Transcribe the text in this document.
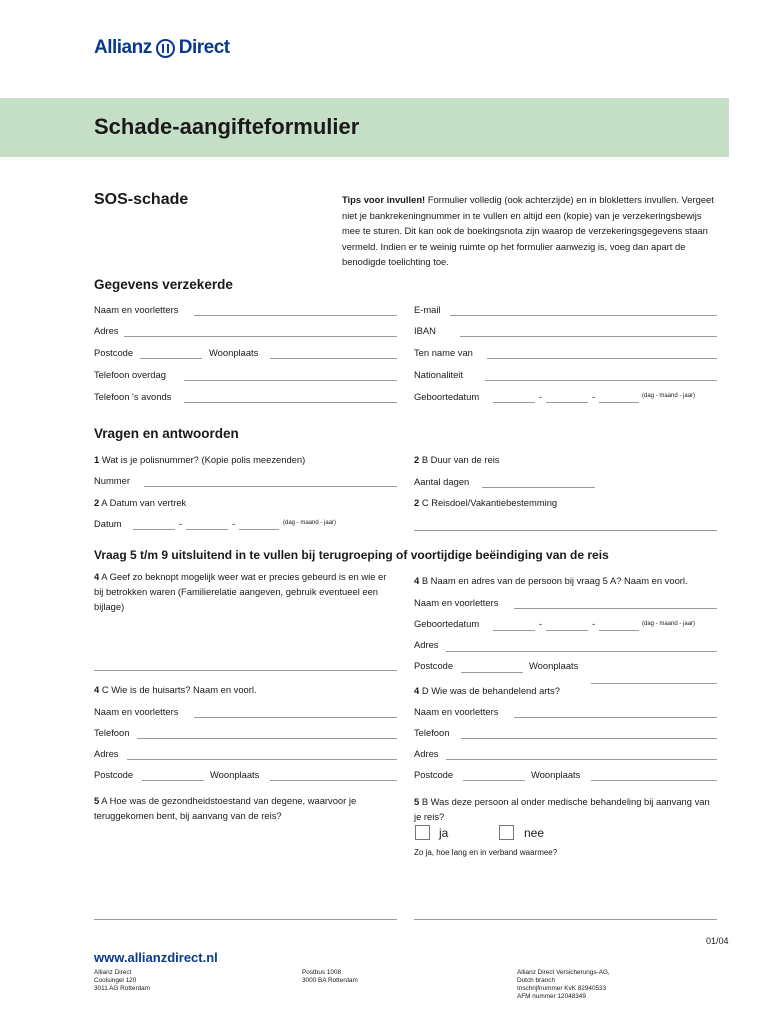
Allianz Direct
Schade-aangifteformulier
SOS-schade	Tips voor invullen! Formulier volledig (ook achterzijde) en in blokletters invullen. Vergeet niet je bankrekeningnummer in te vullen en altijd een (kopie) van je verzekeringsbewijs mee te sturen. Dit kan ook de boekingsnota zijn waarop de verzekeringsgegevens staan vermeld. Indien er te weinig ruimte op het formulier aanwezig is, voeg dan apart de benodigde toelichting toe.
Gegevens verzekerde
Naam en voorletters
Adres
Postcode	Woonplaats
Telefoon overdag
Telefoon 's avonds
E-mail
IBAN
Ten name van
Nationaliteit
Geboortedatum	-	-	(dag - maand - jaar)
Vragen en antwoorden
1 Wat is je polisnummer? (Kopie polis meezenden)
Nummer
2 A Datum van vertrek
Datum	-	-	(dag - maand - jaar)
2 B Duur van de reis
Aantal dagen
2 C Reisdoel/Vakantiebestemming
Vraag 5 t/m 9 uitsluitend in te vullen bij terugroeping of voortijdige beëindiging van de reis
4 A Geef zo beknopt mogelijk weer wat er precies gebeurd is en wie er bij betrokken waren (Familierelatie aangeven, gebruik eventueel een bijlage)
4 B Naam en adres van de persoon bij vraag 5 A? Naam en voorl.
Naam en voorletters
Geboortedatum	-	-	(dag - maand - jaar)
Adres
Postcode	Woonplaats
4 C Wie is de huisarts? Naam en voorl.
Naam en voorletters
Telefoon
Adres
Postcode	Woonplaats
4 D Wie was de behandelend arts?
Naam en voorletters
Telefoon
Adres
Postcode	Woonplaats
5 A Hoe was de gezondheidstoestand van degene, waarvoor je teruggekomen bent, bij aanvang van de reis?
5 B Was deze persoon al onder medische behandeling bij aanvang van je reis?
ja	nee
Zo ja, hoe lang en in verband waarmee?
01/04
www.allianzdirect.nl
Allianz Direct
Coolsingel 120
3011 AG Rotterdam
Postbus 1008
3000 BA Rotterdam
Allianz Direct Versicherungs-AG,
Dutch branch
Inschrijfnummer KvK 82940533
AFM nummer 12048349
